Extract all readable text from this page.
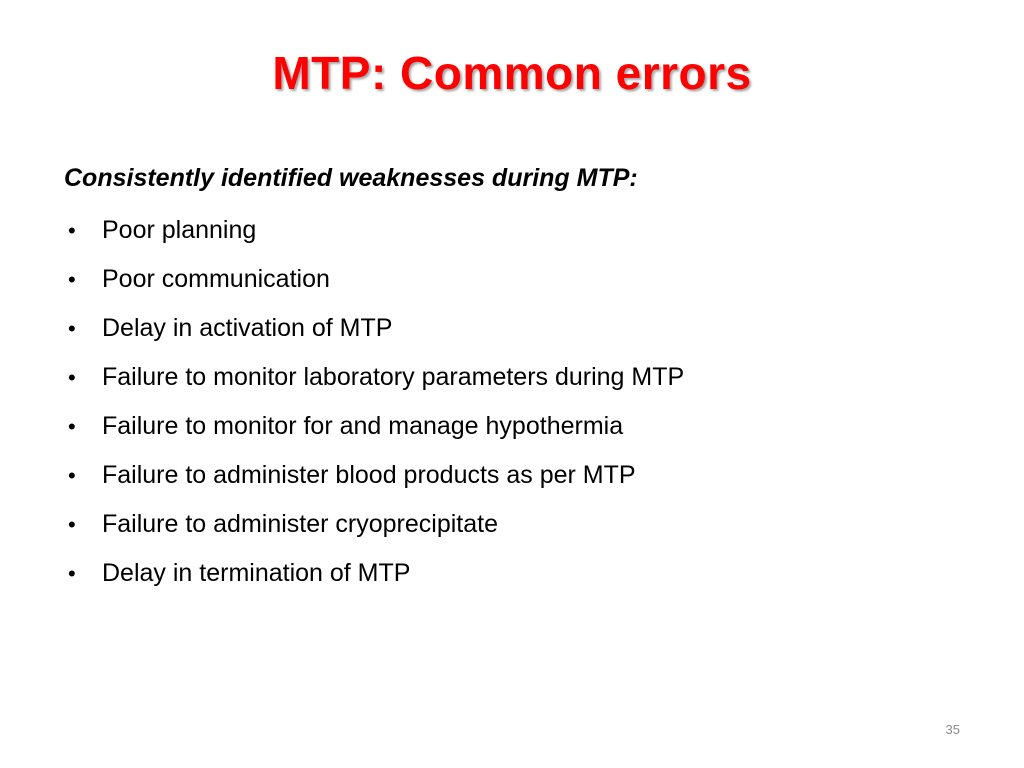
MTP: Common errors
Consistently identified weaknesses during MTP:
• Poor planning
• Poor communication
• Delay in activation of MTP
• Failure to monitor laboratory parameters during MTP
• Failure to monitor for and manage hypothermia
• Failure to administer blood products as per MTP
• Failure to administer cryoprecipitate
• Delay in termination of MTP
35
